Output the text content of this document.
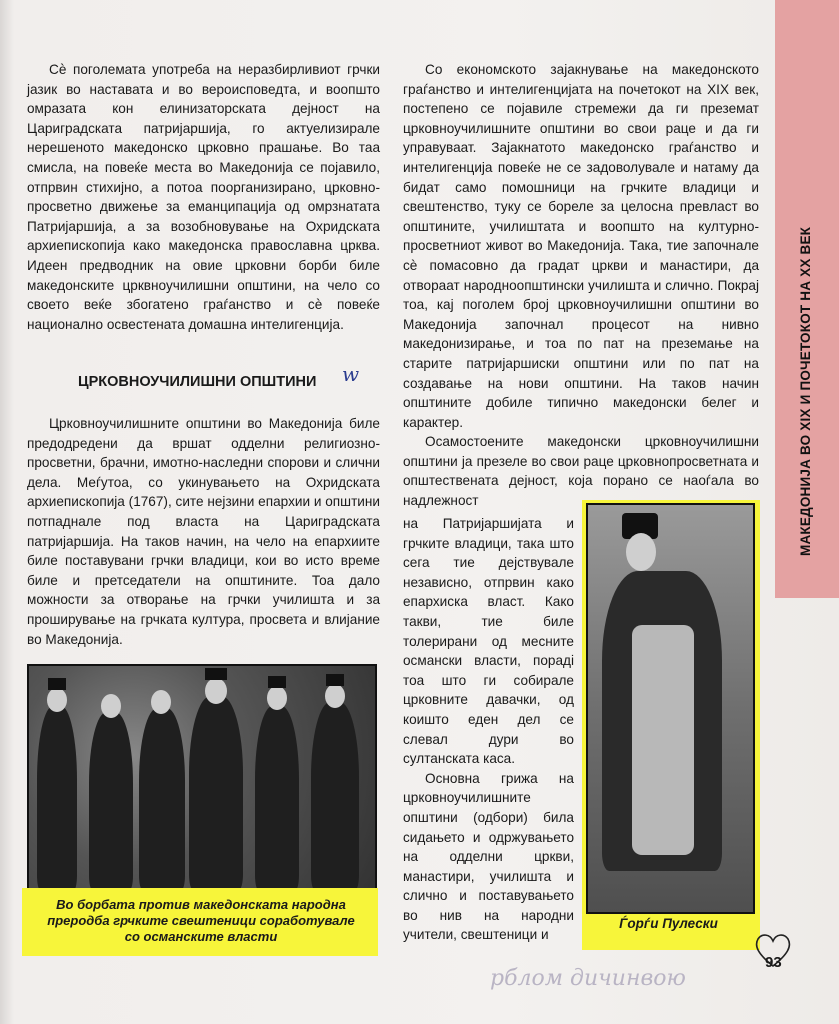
МАКЕДОНИЈА ВО XIX И ПОЧЕТОКОТ НА XX ВЕК

Сѐ поголемата употреба на неразбирливиот грчки јазик во наставата и во вероисповедта, и воопшто омразата кон елинизаторската дејност на Цариградската патријаршија, го актуелизирале нерешеното македонско црковно прашање. Во таа смисла, на повеќе места во Македонија се појавило, отпрвин стихијно, а потоа поорганизирано, црковно-просветно движење за еманципација од омрзнатата Патријаршија, а за возобновување на Охридската архиепископија како македонска православна црква. Идеен предводник на овие црковни борби биле македонските црквноучилишни општини, на чело со своето веќе збогатено граѓанство и сѐ повеќе национално освестената домашна интелигенција.

ЦРКОВНОУЧИЛИШНИ ОПШТИНИ	w

Црковноучилишните општини во Македонија биле предодредени да вршат одделни религиозно-просветни, брачни, имотно-наследни спорови и слични дела. Меѓутоа, со укинувањето на Охридската архиепископија (1767), сите нејзини епархии и општини потпаднале под власта на Цариградската патријаршија. На таков начин, на чело на епархиите биле поставувани грчки владици, кои во исто време биле и претседатели на општините. Тоа дало можности за отворање на грчки училишта и за проширување на грчката култура, просвета и влијание во Македонија.

Со економското зајакнување на македонското граѓанство и интелигенцијата на почетокот на XIX век, постепено се појавиле стремежи да ги преземат црковноучилишните општини во свои раце и да ги управуваат. Зајакнатото македонско граѓанство и интелигенција повеќе не се задоволувале и натаму да бидат само помошници на грчките владици и свештенство, туку се бореле за целосна превласт во општините, училиштата и воопшто на културно-просветниот живот во Македонија. Така, тие започнале сѐ помасовно да градат цркви и манастири, да отвораат народноопштински училишта и слично. Покрај тоа, кај поголем број црковноучилишни општини во Македонија започнал процесот на нивно македонизирање, и тоа по пат на преземање на старите патријаршиски општини или по пат на создавање на нови општини. На таков начин општините добиле типично македонски белег и карактер.

Осамостоените македонски црковноучилишни општини ја презеле во свои раце црковнопросветната и општествената дејност, која порано се наоѓала во надлежност

на Патријаршијата и грчките владици, така што сега тие дејствувале независно, отпрвин како епархиска власт. Како такви, тие биле толерирани од месните османски власти, пораді тоа што ги собирале црковните давачки, од коишто еден дел се слевал дури во султанската каса.

Основна грижа на црковноучилишните општини (одбори) била сидањето и одржувањето на одделни цркви, манастири, училишта и слично и поставувањето во нив на народни учители, свештеници и

Во борбата против македонската народна преродба грчките свештеници соработувале со османските власти

Ѓорѓи Пулески

93
рблом дичинвою
